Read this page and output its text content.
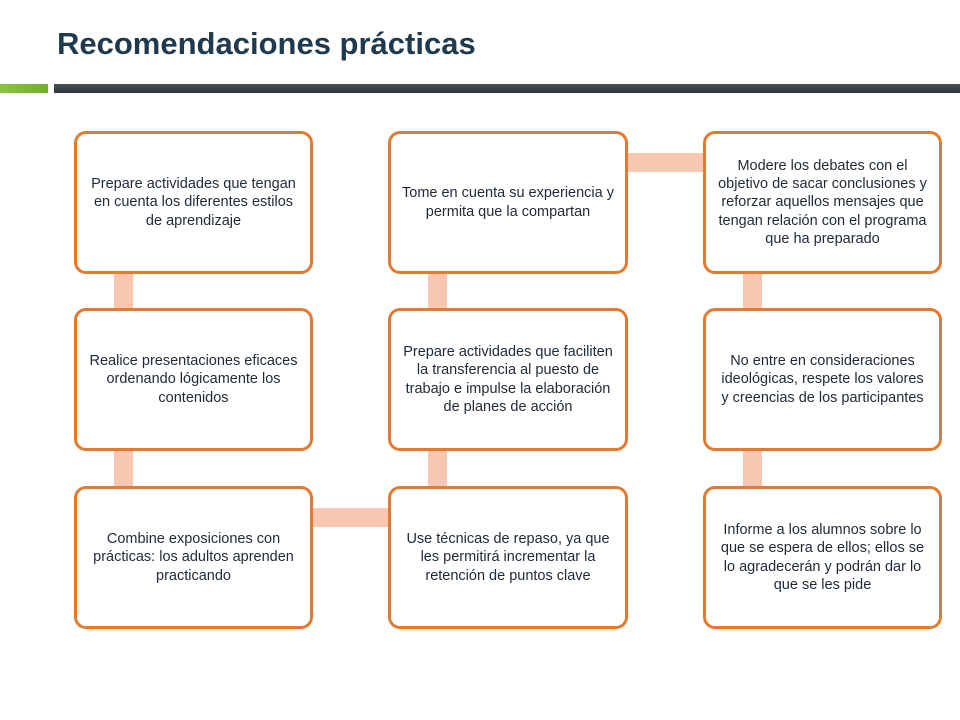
Recomendaciones prácticas
Prepare actividades que tengan en cuenta los diferentes estilos de aprendizaje
Realice presentaciones eficaces ordenando lógicamente los contenidos
Combine exposiciones con prácticas: los adultos aprenden practicando
Use técnicas de repaso, ya que les permitirá incrementar la retención de puntos clave
Prepare actividades que faciliten la transferencia al puesto de trabajo e impulse la elaboración de planes de acción
Tome en cuenta su experiencia y permita que la compartan
Modere los debates con el objetivo de sacar conclusiones y reforzar aquellos mensajes que tengan relación con el programa que ha preparado
No entre en consideraciones ideológicas, respete los valores y creencias de los participantes
Informe a los alumnos sobre lo que se espera de ellos; ellos se lo agradecerán y podrán dar lo que se les pide
